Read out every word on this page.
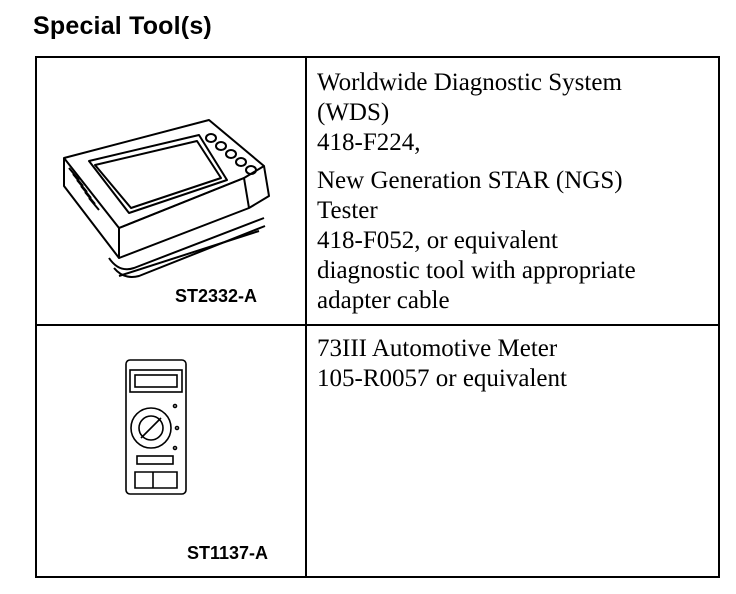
Special Tool(s)
ST2332-A

Worldwide Diagnostic System

(WDS)

418-F224,

New Generation STAR (NGS)

Tester

418-F052, or equivalent

diagnostic tool with appropriate

adapter cable

ST1137-A

73III Automotive Meter

105-R0057 or equivalent
